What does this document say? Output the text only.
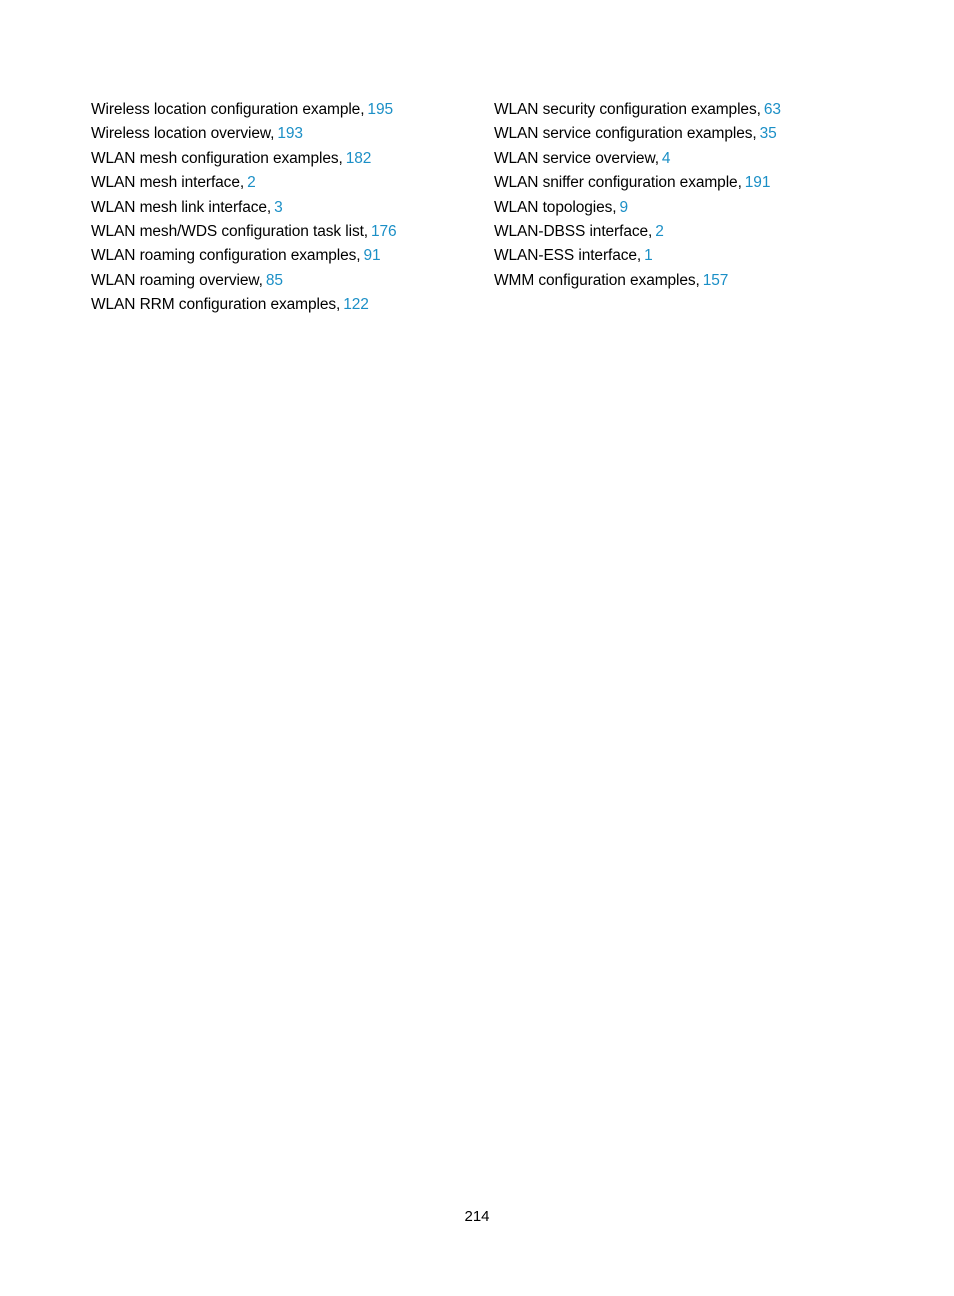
Wireless location configuration example, 195
Wireless location overview, 193
WLAN mesh configuration examples, 182
WLAN mesh interface, 2
WLAN mesh link interface, 3
WLAN mesh/WDS configuration task list, 176
WLAN roaming configuration examples, 91
WLAN roaming overview, 85
WLAN RRM configuration examples, 122
WLAN security configuration examples, 63
WLAN service configuration examples, 35
WLAN service overview, 4
WLAN sniffer configuration example, 191
WLAN topologies, 9
WLAN-DBSS interface, 2
WLAN-ESS interface, 1
WMM configuration examples, 157
214
